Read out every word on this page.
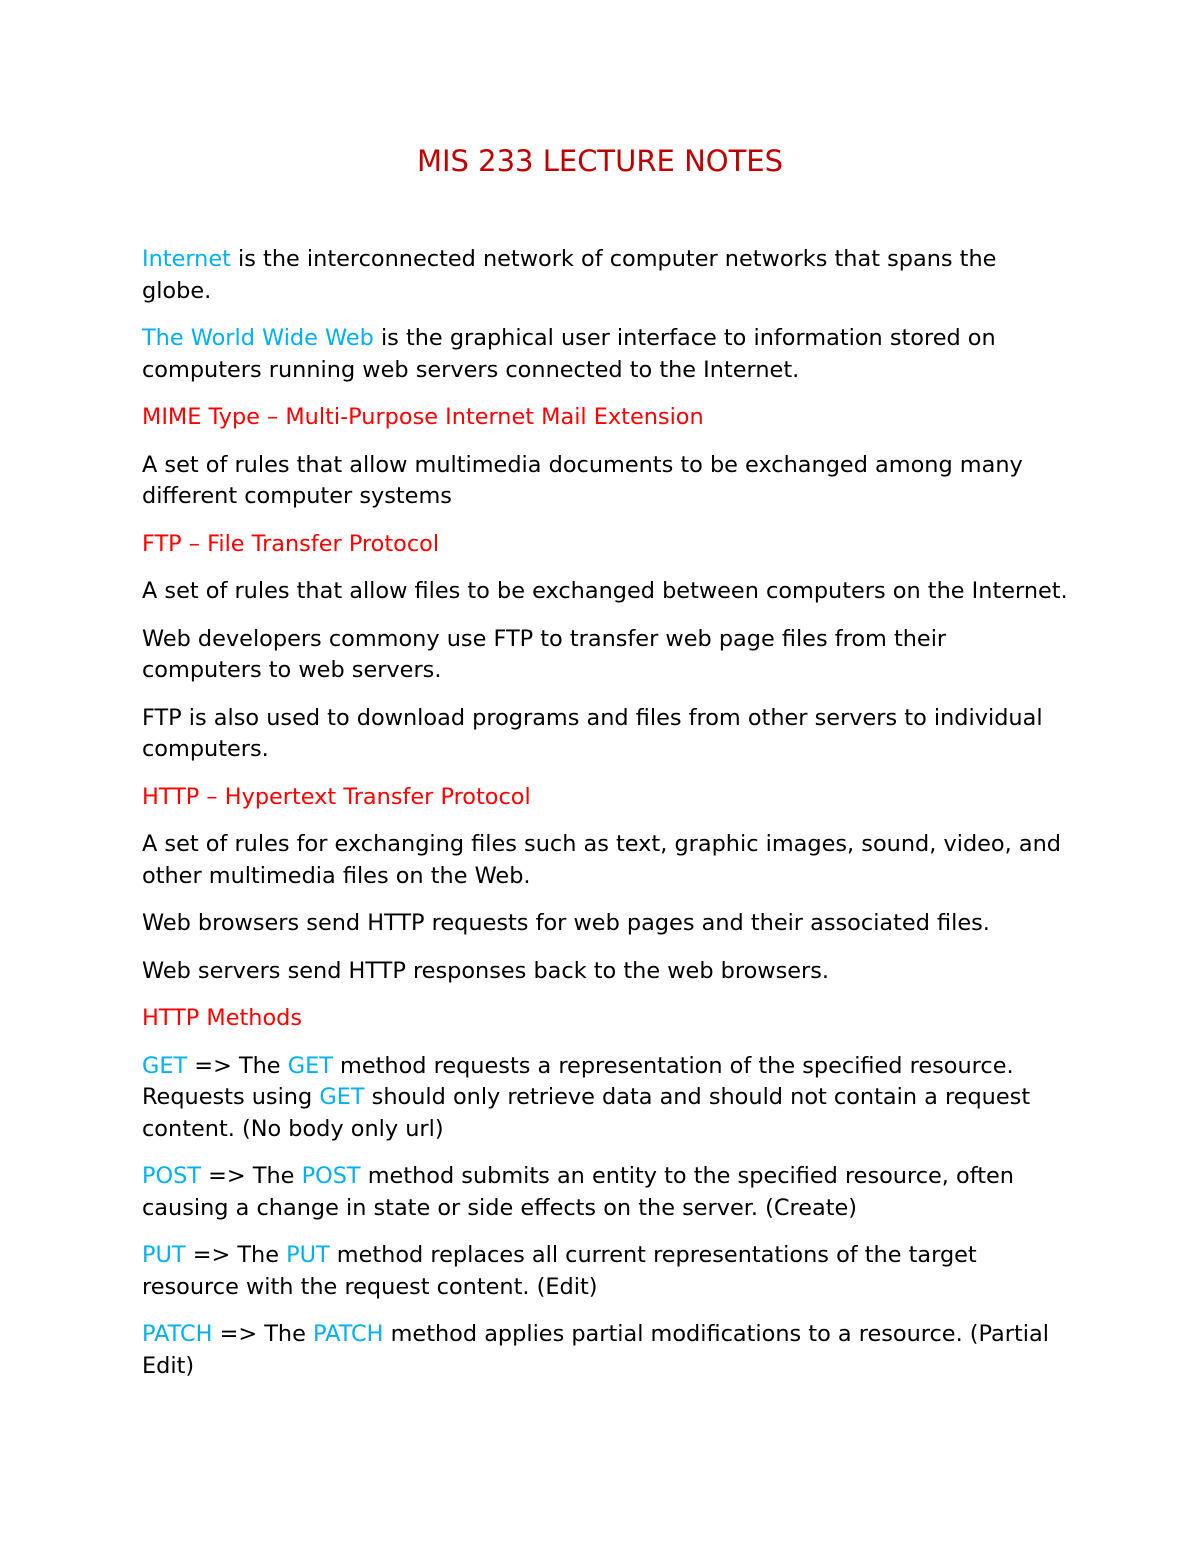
MIS 233 LECTURE NOTES

Internet is the interconnected network of computer networks that spans the globe.

The World Wide Web is the graphical user interface to information stored on computers running web servers connected to the Internet.

MIME Type – Multi-Purpose Internet Mail Extension

A set of rules that allow multimedia documents to be exchanged among many different computer systems

FTP – File Transfer Protocol

A set of rules that allow files to be exchanged between computers on the Internet.

Web developers commony use FTP to transfer web page files from their computers to web servers.

FTP is also used to download programs and files from other servers to individual computers.

HTTP – Hypertext Transfer Protocol

A set of rules for exchanging files such as text, graphic images, sound, video, and other multimedia files on the Web.

Web browsers send HTTP requests for web pages and their associated files.

Web servers send HTTP responses back to the web browsers.

HTTP Methods

GET => The GET method requests a representation of the specified resource. Requests using GET should only retrieve data and should not contain a request content. (No body only url)

POST => The POST method submits an entity to the specified resource, often causing a change in state or side effects on the server. (Create)

PUT => The PUT method replaces all current representations of the target resource with the request content. (Edit)

PATCH => The PATCH method applies partial modifications to a resource. (Partial Edit)
